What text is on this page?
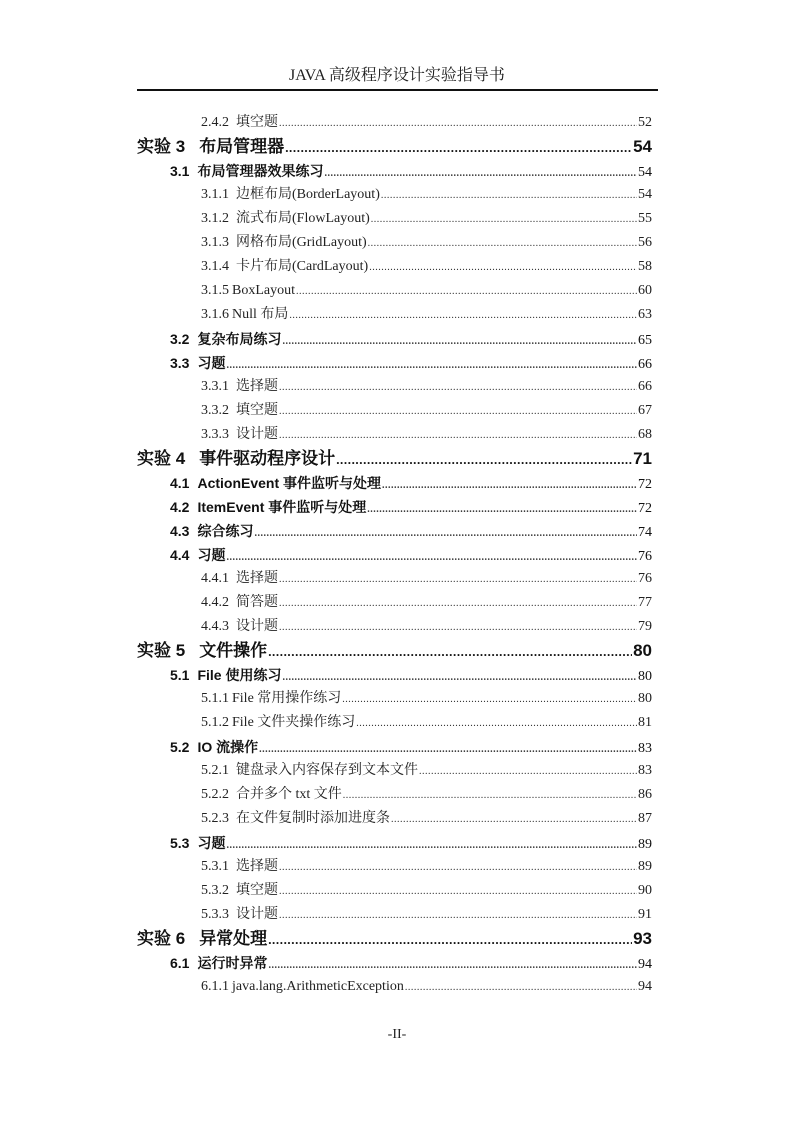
JAVA 高级程序设计实验指导书
2.4.2 填空题 .....	52
实验 3 布局管理器 .....	54
3.1 布局管理器效果练习 .....	54
3.1.1 边框布局(BorderLayout) .....	54
3.1.2 流式布局(FlowLayout) .....	55
3.1.3 网格布局(GridLayout) .....	56
3.1.4 卡片布局(CardLayout) .....	58
3.1.5 BoxLayout .....	60
3.1.6 Null 布局 .....	63
3.2 复杂布局练习 .....	65
3.3 习题 .....	66
3.3.1 选择题 .....	66
3.3.2 填空题 .....	67
3.3.3 设计题 .....	68
实验 4 事件驱动程序设计 .....	71
4.1 ActionEvent 事件监听与处理 .....	72
4.2 ItemEvent 事件监听与处理 .....	72
4.3 综合练习 .....	74
4.4 习题 .....	76
4.4.1 选择题 .....	76
4.4.2 简答题 .....	77
4.4.3 设计题 .....	79
实验 5 文件操作 .....	80
5.1 File 使用练习 .....	80
5.1.1 File 常用操作练习 .....	80
5.1.2 File 文件夹操作练习 .....	81
5.2 IO 流操作 .....	83
5.2.1 键盘录入内容保存到文本文件 .....	83
5.2.2 合并多个 txt 文件 .....	86
5.2.3 在文件复制时添加进度条 .....	87
5.3 习题 .....	89
5.3.1 选择题 .....	89
5.3.2 填空题 .....	90
5.3.3 设计题 .....	91
实验 6 异常处理 .....	93
6.1 运行时异常 .....	94
6.1.1 java.lang.ArithmeticException .....	94
-II-
